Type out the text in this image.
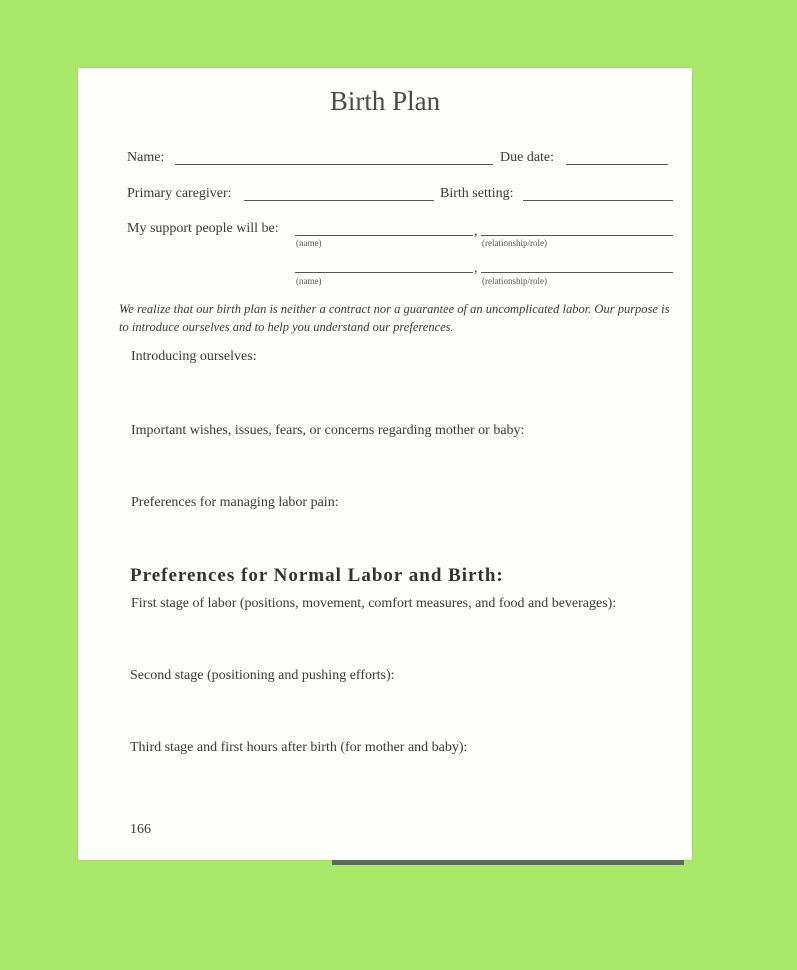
Birth Plan
Name:	Due date:
Primary caregiver:	Birth setting:
My support people will be:	,
(name)	(relationship/role)
,
(name)	(relationship/role)
We realize that our birth plan is neither a contract nor a guarantee of an uncomplicated labor. Our purpose is to introduce ourselves and to help you understand our preferences.
Introducing ourselves:
Important wishes, issues, fears, or concerns regarding mother or baby:
Preferences for managing labor pain:
Preferences for Normal Labor and Birth:
First stage of labor (positions, movement, comfort measures, and food and beverages):
Second stage (positioning and pushing efforts):
Third stage and first hours after birth (for mother and baby):
166
